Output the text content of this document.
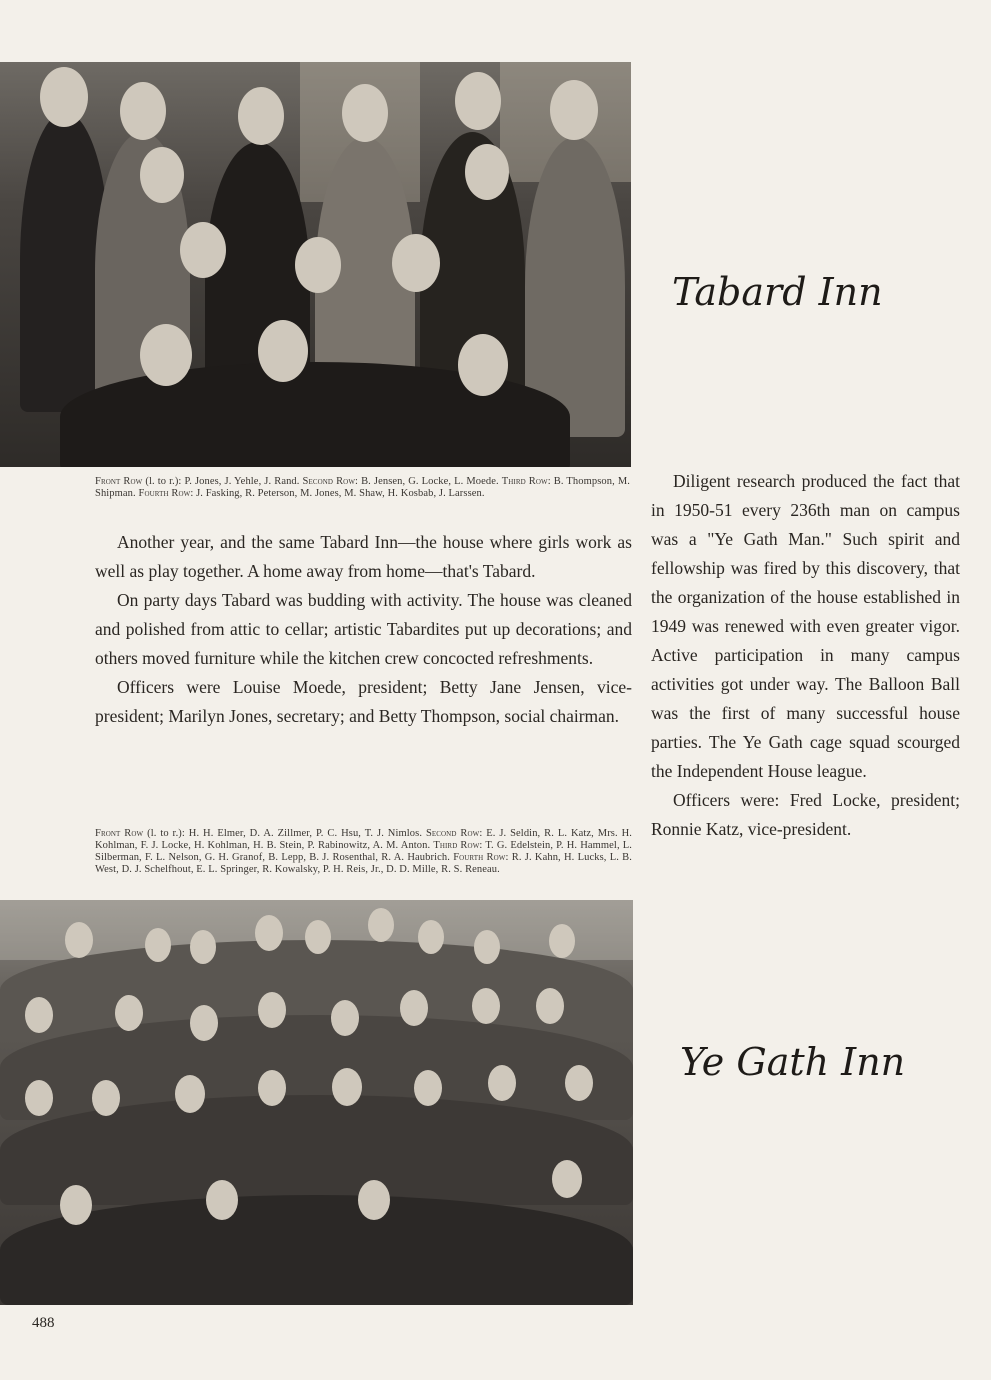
Front Row (l. to r.): P. Jones, J. Yehle, J. Rand. Second Row: B. Jensen, G. Locke, L. Moede. Third Row: B. Thompson, M. Shipman. Fourth Row: J. Fasking, R. Peterson, M. Jones, M. Shaw, H. Kosbab, J. Larssen.
Tabard Inn

Another year, and the same Tabard Inn—the house where girls work as well as play together. A home away from home—that's Tabard.

On party days Tabard was budding with activity. The house was cleaned and polished from attic to cellar; artistic Tabardites put up decorations; and others moved furniture while the kitchen crew concocted refreshments.

Officers were Louise Moede, president; Betty Jane Jensen, vice-president; Marilyn Jones, secretary; and Betty Thompson, social chairman.

Front Row (l. to r.): H. H. Elmer, D. A. Zillmer, P. C. Hsu, T. J. Nimlos. Second Row: E. J. Seldin, R. L. Katz, Mrs. H. Kohlman, F. J. Locke, H. Kohlman, H. B. Stein, P. Rabinowitz, A. M. Anton. Third Row: T. G. Edelstein, P. H. Hammel, L. Silberman, F. L. Nelson, G. H. Granof, B. Lepp, B. J. Rosenthal, R. A. Haubrich. Fourth Row: R. J. Kahn, H. Lucks, L. B. West, D. J. Schelfhout, E. L. Springer, R. Kowalsky, P. H. Reis, Jr., D. D. Mille, R. S. Reneau.

Diligent research produced the fact that in 1950-51 every 236th man on campus was a "Ye Gath Man." Such spirit and fellowship was fired by this discovery, that the organization of the house established in 1949 was renewed with even greater vigor. Active participation in many campus activities got under way. The Balloon Ball was the first of many successful house parties. The Ye Gath cage squad scourged the Independent House league.

Officers were: Fred Locke, president; Ronnie Katz, vice-president.

Ye Gath Inn
488
